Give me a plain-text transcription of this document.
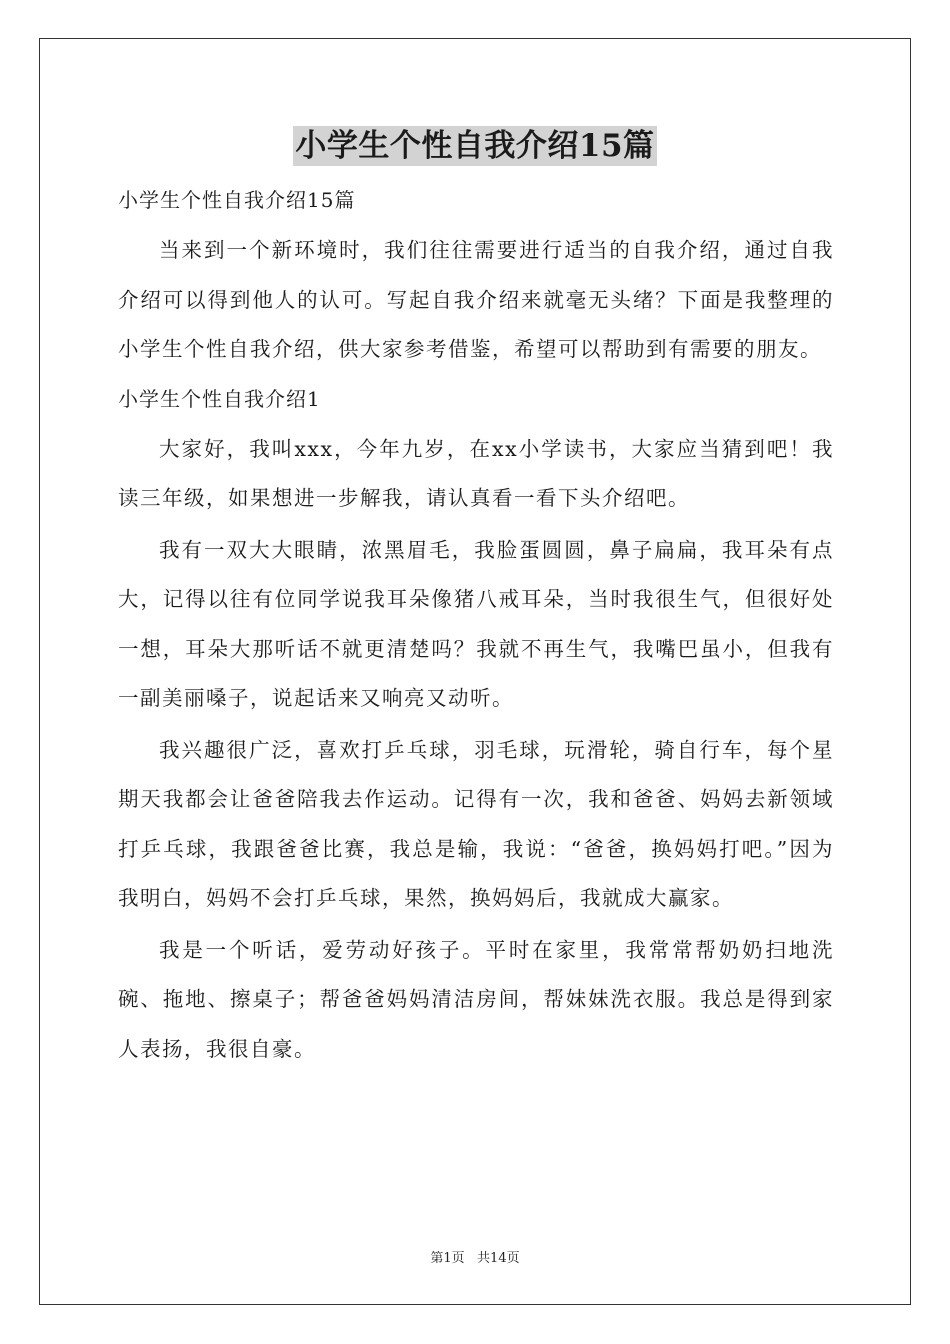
小学生个性自我介绍15篇
小学生个性自我介绍15篇

当来到一个新环境时，我们往往需要进行适当的自我介绍，通过自我介绍可以得到他人的认可。写起自我介绍来就毫无头绪？下面是我整理的小学生个性自我介绍，供大家参考借鉴，希望可以帮助到有需要的朋友。

小学生个性自我介绍1

大家好，我叫xxx，今年九岁，在xx小学读书，大家应当猜到吧！我读三年级，如果想进一步解我，请认真看一看下头介绍吧。

我有一双大大眼睛，浓黑眉毛，我脸蛋圆圆，鼻子扁扁，我耳朵有点大，记得以往有位同学说我耳朵像猪八戒耳朵，当时我很生气，但很好处一想，耳朵大那听话不就更清楚吗？我就不再生气，我嘴巴虽小，但我有一副美丽嗓子，说起话来又响亮又动听。

我兴趣很广泛，喜欢打乒乓球，羽毛球，玩滑轮，骑自行车，每个星期天我都会让爸爸陪我去作运动。记得有一次，我和爸爸、妈妈去新领域打乒乓球，我跟爸爸比赛，我总是输，我说：“爸爸，换妈妈打吧。”因为我明白，妈妈不会打乒乓球，果然，换妈妈后，我就成大赢家。

我是一个听话，爱劳动好孩子。平时在家里，我常常帮奶奶扫地洗碗、拖地、擦桌子；帮爸爸妈妈清洁房间，帮妹妹洗衣服。我总是得到家人表扬，我很自豪。

第1页   共14页
